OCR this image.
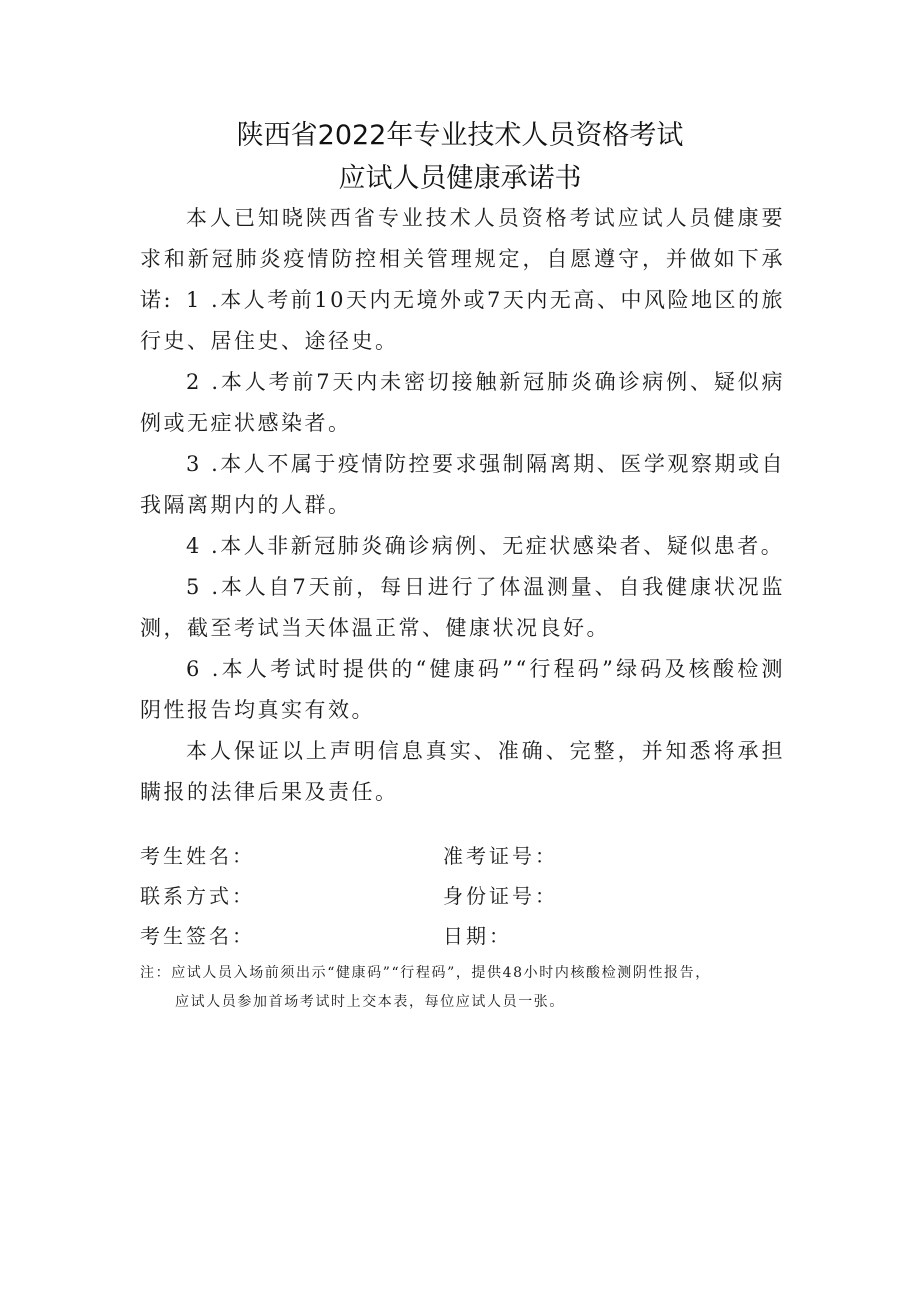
陕西省2022年专业技术人员资格考试
应试人员健康承诺书

本人已知晓陕西省专业技术人员资格考试应试人员健康要求和新冠肺炎疫情防控相关管理规定，自愿遵守，并做如下承诺: 1 .本人考前10天内无境外或7天内无高、中风险地区的旅行史、居住史、途径史。

2 .本人考前7天内未密切接触新冠肺炎确诊病例、疑似病例或无症状感染者。

3 .本人不属于疫情防控要求强制隔离期、医学观察期或自我隔离期内的人群。

4 .本人非新冠肺炎确诊病例、无症状感染者、疑似患者。

5 .本人自7天前，每日进行了体温测量、自我健康状况监测，截至考试当天体温正常、健康状况良好。

6 .本人考试时提供的“健康码”“行程码”绿码及核酸检测阴性报告均真实有效。

本人保证以上声明信息真实、准确、完整，并知悉将承担瞒报的法律后果及责任。

考生姓名：	准考证号：
联系方式：	身份证号：
考生签名：	日期：
注：应试人员入场前须出示“健康码”“行程码”，提供48小时内核酸检测阴性报告，
应试人员参加首场考试时上交本表，每位应试人员一张。
